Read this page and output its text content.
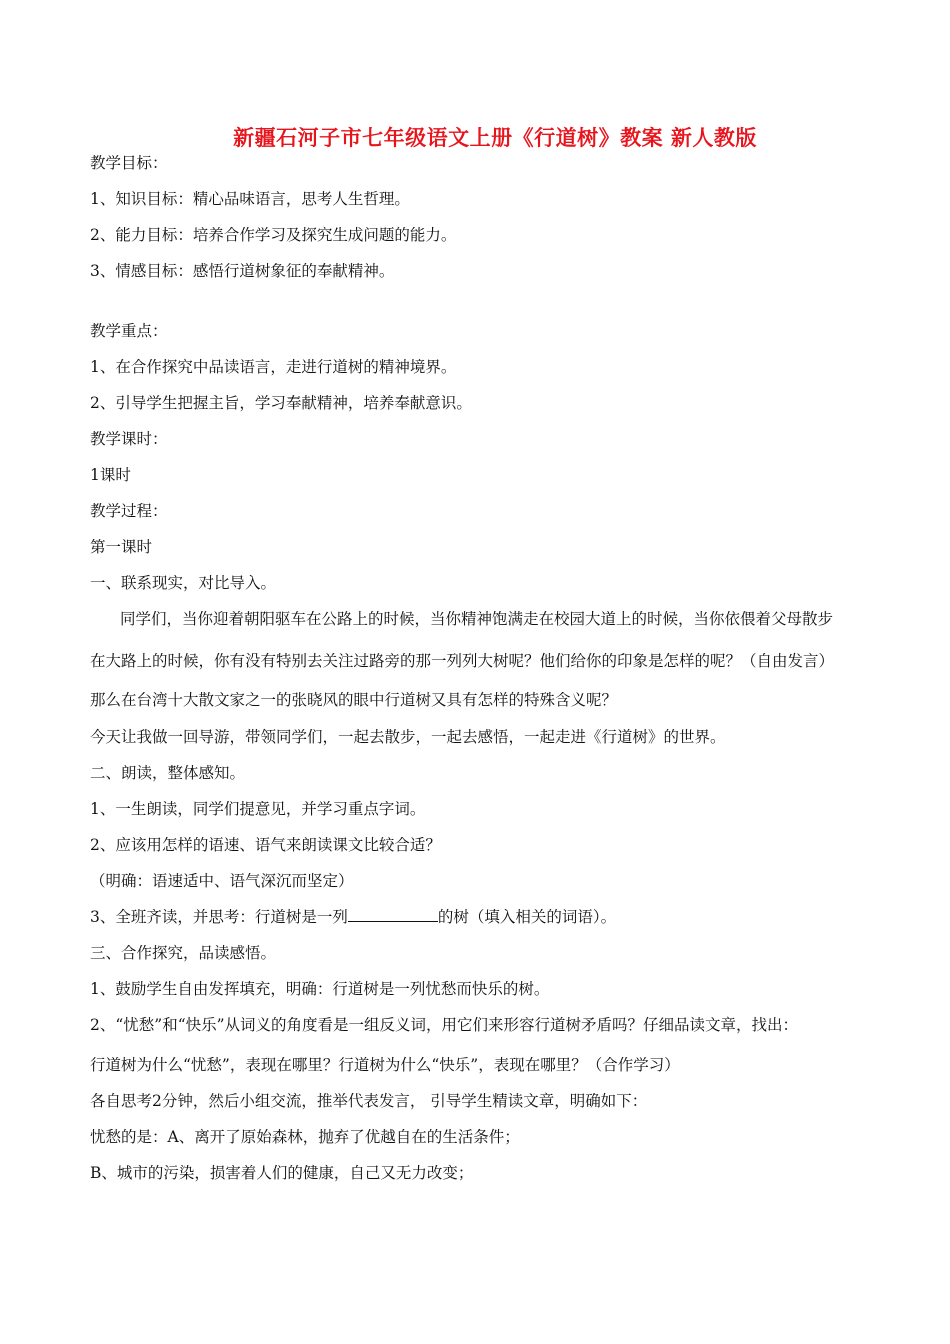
新疆石河子市七年级语文上册《行道树》教案 新人教版
教学目标：
1、知识目标：精心品味语言，思考人生哲理。
2、能力目标：培养合作学习及探究生成问题的能力。
3、情感目标：感悟行道树象征的奉献精神。
教学重点：
1、在合作探究中品读语言，走进行道树的精神境界。
2、引导学生把握主旨，学习奉献精神，培养奉献意识。
教学课时：
1课时
教学过程：
第一课时
一、联系现实，对比导入。
同学们，当你迎着朝阳驱车在公路上的时候，当你精神饱满走在校园大道上的时候，当你依偎着父母散步
在大路上的时候，你有没有特别去关注过路旁的那一列列大树呢？他们给你的印象是怎样的呢？（自由发言）
那么在台湾十大散文家之一的张晓风的眼中行道树又具有怎样的特殊含义呢？
今天让我做一回导游，带领同学们，一起去散步，一起去感悟，一起走进《行道树》的世界。
二、朗读，整体感知。
1、一生朗读，同学们提意见，并学习重点字词。
2、应该用怎样的语速、语气来朗读课文比较合适？
（明确：语速适中、语气深沉而坚定）
3、全班齐读，并思考：行道树是一列	的树（填入相关的词语）。
三、合作探究，品读感悟。
1、鼓励学生自由发挥填充，明确：行道树是一列忧愁而快乐的树。
2、“忧愁”和“快乐”从词义的角度看是一组反义词，用它们来形容行道树矛盾吗？仔细品读文章，找出：
行道树为什么“忧愁”，表现在哪里？行道树为什么“快乐”，表现在哪里？（合作学习）
各自思考2分钟，然后小组交流，推举代表发言， 引导学生精读文章，明确如下：
忧愁的是：A、离开了原始森林，抛弃了优越自在的生活条件；
B、城市的污染，损害着人们的健康，自己又无力改变；
